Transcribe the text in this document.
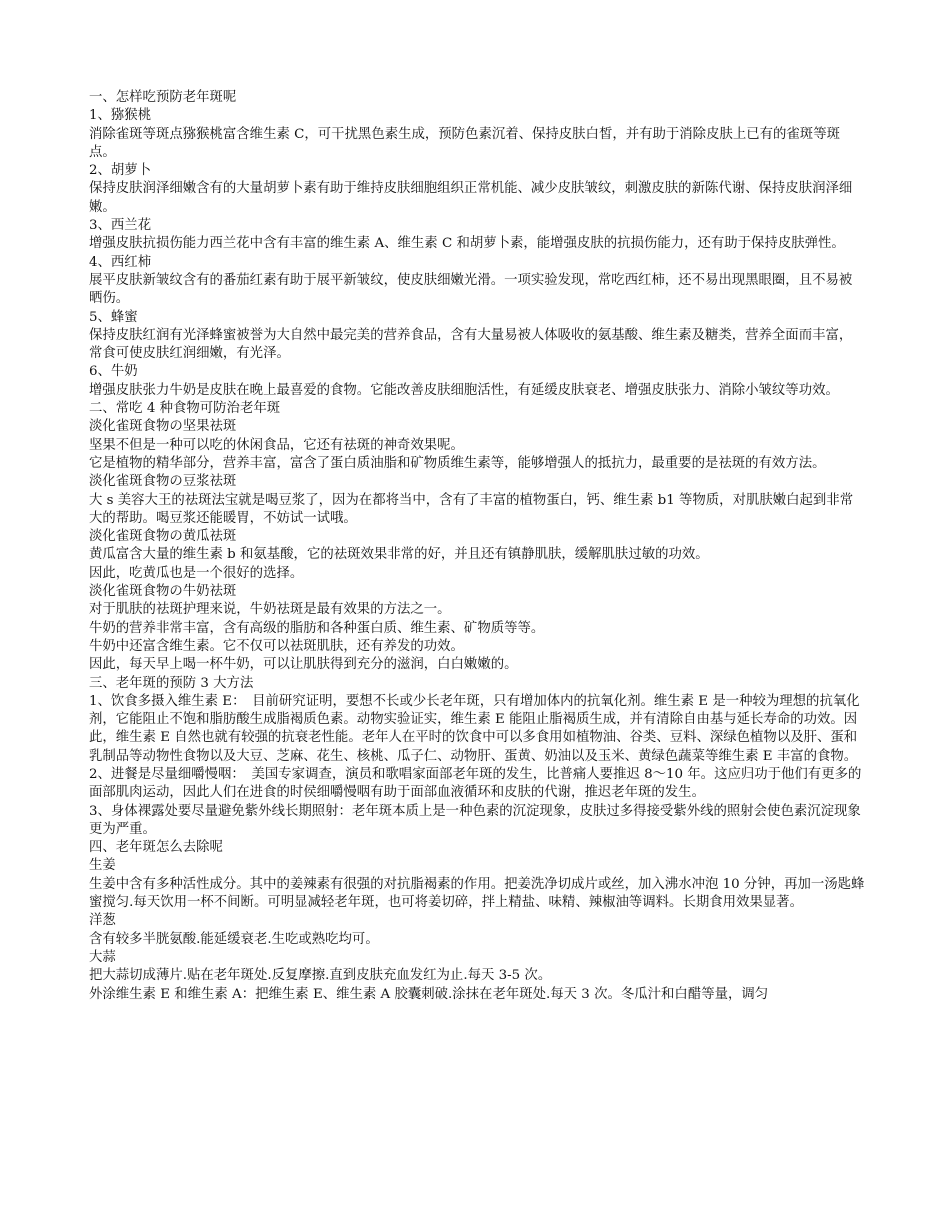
一、怎样吃预防老年斑呢

1、猕猴桃

消除雀斑等斑点猕猴桃富含维生素 C，可干扰黑色素生成，预防色素沉着、保持皮肤白皙，并有助于消除皮肤上已有的雀斑等斑点。

2、胡萝卜

保持皮肤润泽细嫩含有的大量胡萝卜素有助于维持皮肤细胞组织正常机能、减少皮肤皱纹，刺激皮肤的新陈代谢、保持皮肤润泽细嫩。

3、西兰花

增强皮肤抗损伤能力西兰花中含有丰富的维生素 A、维生素 C 和胡萝卜素，能增强皮肤的抗损伤能力，还有助于保持皮肤弹性。

4、西红柿

展平皮肤新皱纹含有的番茄红素有助于展平新皱纹，使皮肤细嫩光滑。一项实验发现，常吃西红柿，还不易出现黑眼圈，且不易被晒伤。

5、蜂蜜

保持皮肤红润有光泽蜂蜜被誉为大自然中最完美的营养食品，含有大量易被人体吸收的氨基酸、维生素及糖类，营养全面而丰富，常食可使皮肤红润细嫩，有光泽。

6、牛奶

增强皮肤张力牛奶是皮肤在晚上最喜爱的食物。它能改善皮肤细胞活性，有延缓皮肤衰老、增强皮肤张力、消除小皱纹等功效。

二、常吃 4 种食物可防治老年斑

淡化雀斑食物の坚果祛斑

坚果不但是一种可以吃的休闲食品，它还有祛斑的神奇效果呢。

它是植物的精华部分，营养丰富，富含了蛋白质油脂和矿物质维生素等，能够增强人的抵抗力，最重要的是祛斑的有效方法。

淡化雀斑食物の豆浆祛斑

大 s 美容大王的祛斑法宝就是喝豆浆了，因为在都将当中，含有了丰富的植物蛋白，钙、维生素 b1 等物质，对肌肤嫩白起到非常大的帮助。喝豆浆还能暖胃，不妨试一试哦。

淡化雀斑食物の黄瓜祛斑

黄瓜富含大量的维生素 b 和氨基酸，它的祛斑效果非常的好，并且还有镇静肌肤，缓解肌肤过敏的功效。

因此，吃黄瓜也是一个很好的选择。

淡化雀斑食物の牛奶祛斑

对于肌肤的祛斑护理来说，牛奶祛斑是最有效果的方法之一。

牛奶的营养非常丰富，含有高级的脂肪和各种蛋白质、维生素、矿物质等等。

牛奶中还富含维生素。它不仅可以祛斑肌肤，还有养发的功效。

因此，每天早上喝一杯牛奶，可以让肌肤得到充分的滋润，白白嫩嫩的。

三、老年斑的预防 3 大方法

1、饮食多摄入维生素 E：　目前研究证明，要想不长或少长老年斑，只有增加体内的抗氧化剂。维生素 E 是一种较为理想的抗氧化剂，它能阻止不饱和脂肪酸生成脂褐质色素。动物实验证实，维生素 E 能阻止脂褐质生成，并有清除自由基与延长寿命的功效。因此，维生素 E 自然也就有较强的抗衰老性能。老年人在平时的饮食中可以多食用如植物油、谷类、豆料、深绿色植物以及肝、蛋和乳制品等动物性食物以及大豆、芝麻、花生、核桃、瓜子仁、动物肝、蛋黄、奶油以及玉米、黄绿色蔬菜等维生素 E 丰富的食物。

2、进餐是尽量细嚼慢咽：　美国专家调查，演员和歌唱家面部老年斑的发生，比普痛人要推迟 8～10 年。这应归功于他们有更多的面部肌肉运动，因此人们在进食的时侯细嚼慢咽有助于面部血液循环和皮肤的代谢，推迟老年斑的发生。

3、身体裸露处要尽量避免紫外线长期照射：老年斑本质上是一种色素的沉淀现象，皮肤过多得接受紫外线的照射会使色素沉淀现象更为严重。

四、老年斑怎么去除呢

生姜

生姜中含有多种活性成分。其中的姜辣素有很强的对抗脂褐素的作用。把姜洗净切成片或丝，加入沸水冲泡 10 分钟，再加一汤匙蜂蜜搅匀.每天饮用一杯不间断。可明显减轻老年斑，也可将姜切碎，拌上精盐、味精、辣椒油等调料。长期食用效果显著。

洋葱

含有较多半胱氨酸.能延缓衰老.生吃或熟吃均可。

大蒜

把大蒜切成薄片.贴在老年斑处.反复摩擦.直到皮肤充血发红为止.每天 3-5 次。

外涂维生素 E 和维生素 A：把维生素 E、维生素 A 胶囊刺破.涂抹在老年斑处.每天 3 次。冬瓜汁和白醋等量，调匀
